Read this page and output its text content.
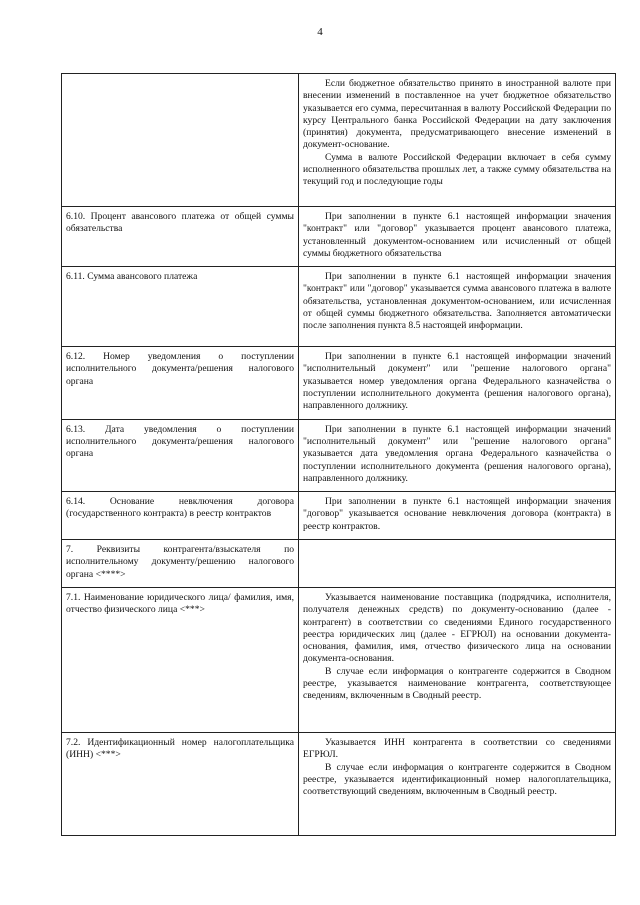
4

	Если бюджетное обязательство принято в иностранной валюте при внесении изменений в поставленное на учет бюджетное обязательство указывается его сумма, пересчитанная в валюту Российской Федерации по курсу Центрального банка Российской Федерации на дату заключения (принятия) документа, предусматривающего внесение изменений в документ-основание.

Сумма в валюте Российской Федерации включает в себя сумму исполненного обязательства прошлых лет, а также сумму обязательства на текущий год и последующие годы

6.10. Процент авансового платежа от общей суммы обязательства	При заполнении в пункте 6.1 настоящей информации значения "контракт" или "договор" указывается процент авансового платежа, установленный документом-основанием или исчисленный от общей суммы бюджетного обязательства

6.11. Сумма авансового платежа	При заполнении в пункте 6.1 настоящей информации значения "контракт" или "договор" указывается сумма авансового платежа в валюте обязательства, установленная документом-основанием, или исчисленная от общей суммы бюджетного обязательства. Заполняется автоматически после заполнения пункта 8.5 настоящей информации.

6.12. Номер уведомления о поступлении исполнительного документа/решения налогового органа	При заполнении в пункте 6.1 настоящей информации значений "исполнительный документ" или "решение налогового органа" указывается номер уведомления органа Федерального казначейства о поступлении исполнительного документа (решения налогового органа), направленного должнику.

6.13. Дата уведомления о поступлении исполнительного документа/решения налогового органа	При заполнении в пункте 6.1 настоящей информации значений "исполнительный документ" или "решение налогового органа" указывается дата уведомления органа Федерального казначейства о поступлении исполнительного документа (решения налогового органа), направленного должнику.

6.14. Основание невключения договора (государственного контракта) в реестр контрактов	При заполнении в пункте 6.1 настоящей информации значения "договор" указывается основание невключения договора (контракта) в реестр контрактов.

7. Реквизиты контрагента/взыскателя по исполнительному документу/решению налогового органа <****>	

7.1. Наименование юридического лица/ фамилия, имя, отчество физического лица <***>	Указывается наименование поставщика (подрядчика, исполнителя, получателя денежных средств) по документу-основанию (далее - контрагент) в соответствии со сведениями Единого государственного реестра юридических лиц (далее - ЕГРЮЛ) на основании документа-основания, фамилия, имя, отчество физического лица на основании документа-основания.

В случае если информация о контрагенте содержится в Сводном реестре, указывается наименование контрагента, соответствующее сведениям, включенным в Сводный реестр.

7.2. Идентификационный номер налогоплательщика (ИНН) <***>	Указывается ИНН контрагента в соответствии со сведениями ЕГРЮЛ.

В случае если информация о контрагенте содержится в Сводном реестре, указывается идентификационный номер налогоплательщика, соответствующий сведениям, включенным в Сводный реестр.
